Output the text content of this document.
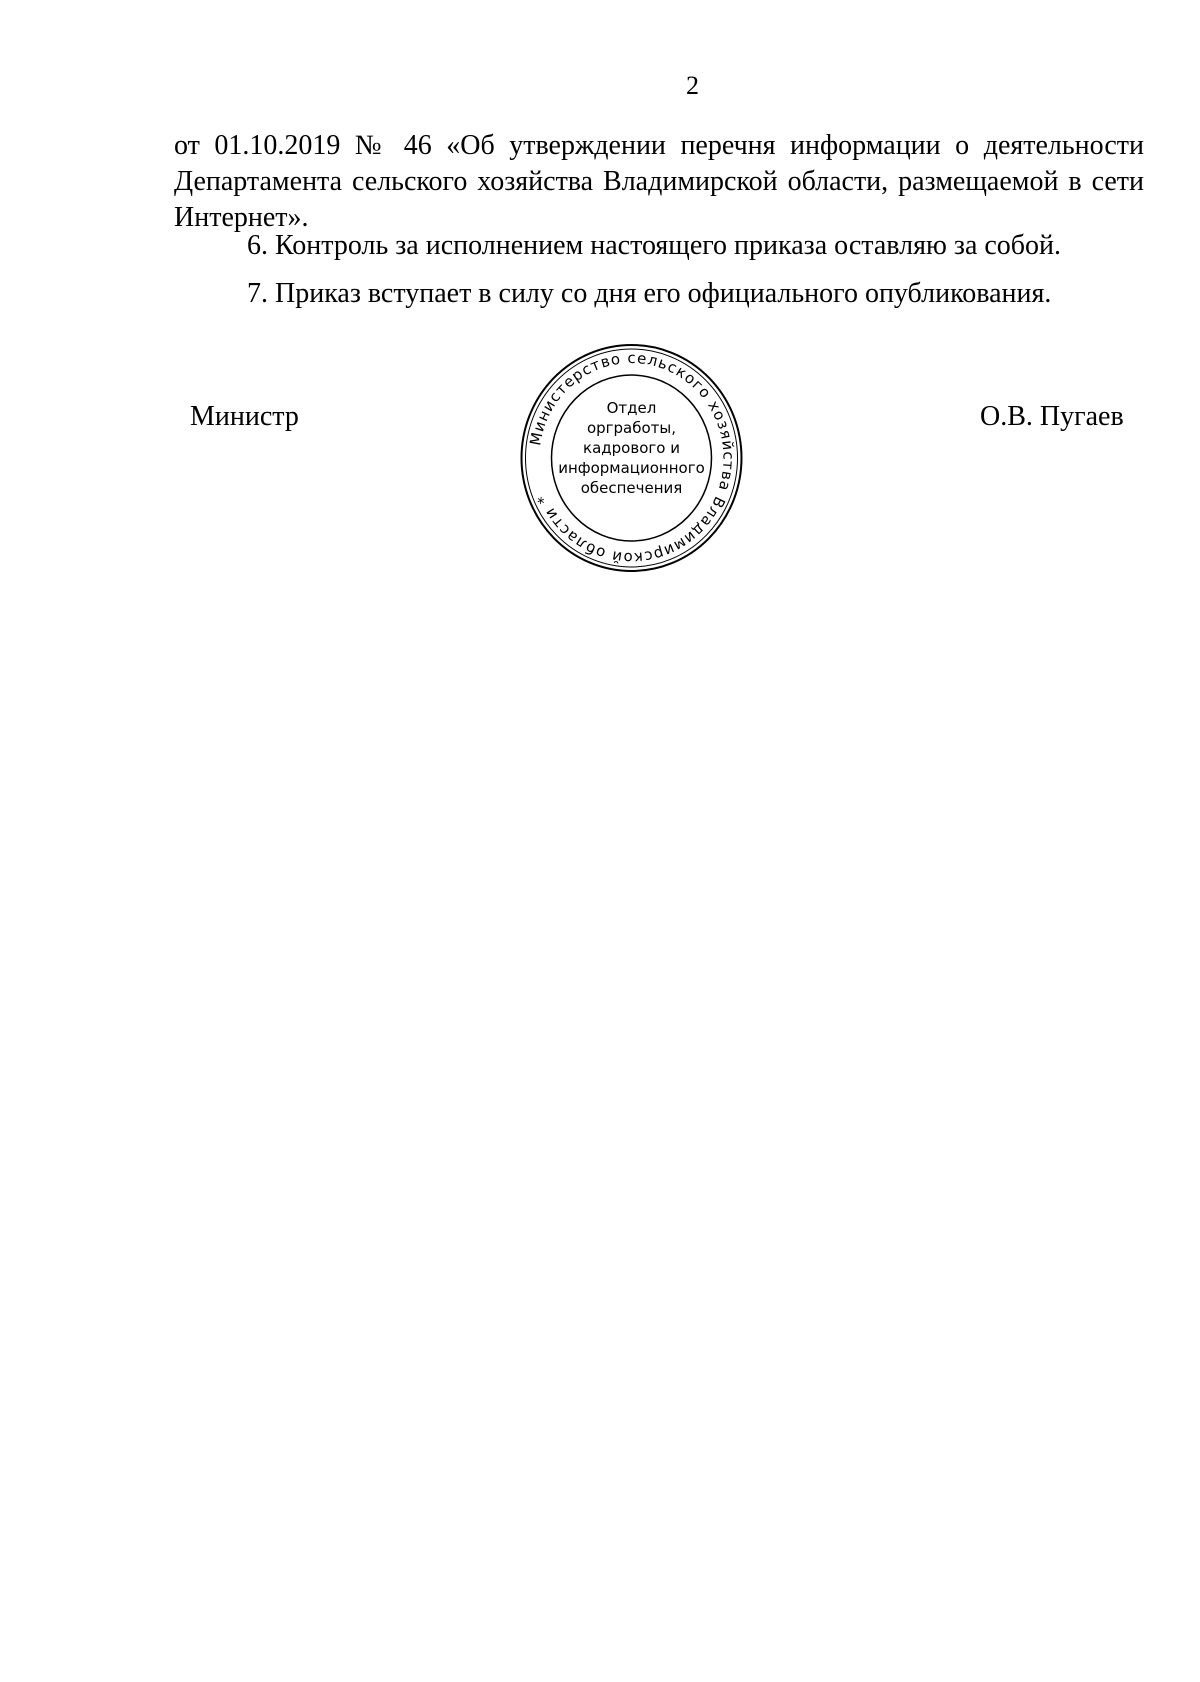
2
от 01.10.2019 № 46 «Об утверждении перечня информации о деятельности
Департамента сельского хозяйства Владимирской области, размещаемой в сети
Интернет».
6. Контроль за исполнением настоящего приказа оставляю за собой.
7. Приказ вступает в силу со дня его официального опубликования.
Министр
Министерство сельского хозяйства Владимирской области *
Отдел
оргработы,
кадрового и
информационного
обеспечения
О.В. Пугаев
